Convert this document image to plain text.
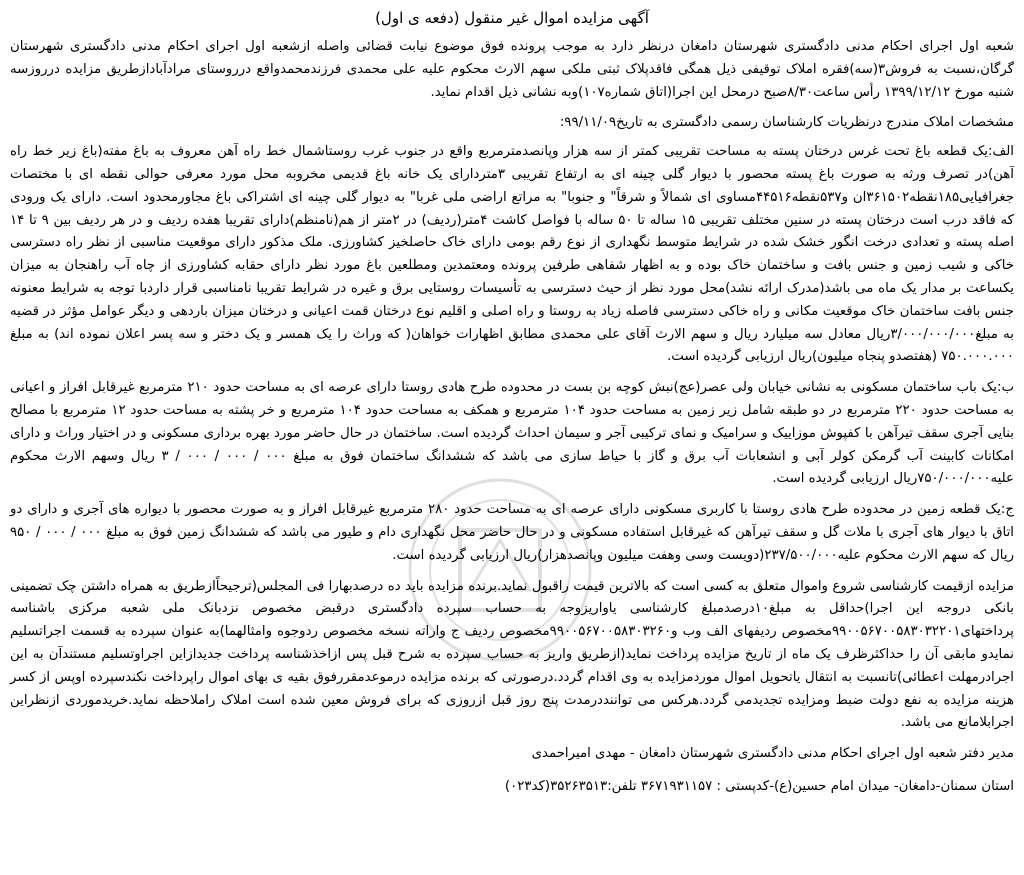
آگهی مزایده اموال غیر منقول (دفعه ی اول)

شعبه اول اجرای احکام مدنی دادگستری شهرستان دامغان درنظر دارد به موجب پرونده فوق موضوع نیابت قضائی واصله ازشعبه اول اجرای احکام مدنی دادگستری شهرستان گرگان،نسبت به فروش۳(سه)فقره املاک توقیفی ذیل همگی فاقدپلاک ثبتی ملکی سهم الارث محکوم علیه علی محمدی فرزندمحمدواقع درروستای مرادآبادازطریق مزایده درروزسه شنبه مورخ ۱۳۹۹/۱۲/۱۲ رأس ساعت۸/۳۰صبح درمحل این اجرا(اتاق شماره۱۰۷)وبه نشانی ذیل اقدام نماید.

مشخصات املاک مندرج درنظریات کارشناسان رسمی دادگستری به تاریخ۹۹/۱۱/۰۹:

الف:یک قطعه باغ تحت غرس درختان پسته به مساحت تقریبی کمتر از سه هزار وپانصدمترمربع واقع در جنوب غرب روستاشمال خط راه آهن معروف به باغ مفته(باغ زیر خط راه آهن)در تصرف ورثه به صورت باغ پسته محصور با دیوار گلی چینه ای به ارتفاع تقریبی ۳متردارای یک خانه باغ قدیمی مخروبه محل مورد معرفی حوالی نقطه ای با مختصات جغرافیایی۱۸۵نقطه۳۶۱۵۰۲ان و۵۳۷نقطه۴۴۵۱۶مساوی ای شمالاً و شرقاً" و جنوبا" به مراتع اراضی ملی غربا" به دیوار گلی چینه ای اشتراکی باغ مجاورمحدود است. دارای یک ورودی که فاقد درب است درختان پسته در سنین مختلف تقریبی ۱۵ ساله تا ۵۰ ساله با فواصل کاشت ۴متر(ردیف) در ۲متر از هم(نامنظم)دارای تقریبا هفده ردیف و در هر ردیف بین ۹ تا ۱۴ اصله پسته و تعدادی درخت انگور خشک شده در شرایط متوسط نگهداری از نوع رقم بومی دارای خاک حاصلخیز کشاورزی. ملک مذکور دارای موقعیت مناسبی از نظر راه دسترسی خاکی و شیب زمین و جنس بافت و ساختمان خاک بوده و به اظهار شفاهی طرفین پرونده ومعتمدین ومطلعین باغ مورد نظر دارای حقابه کشاورزی از چاه آب راهنجان به میزان یکساعت بر مدار یک ماه می باشد(مدرک ارائه نشد)محل مورد نظر از حیث دسترسی به تأسیسات روستایی برق و غیره در شرایط تقریبا نامناسبی قرار داردبا توجه به شرایط معنونه جنس بافت ساختمان خاک موقعیت مکانی و راه خاکی دسترسی فاصله زیاد به روستا و راه اصلی و اقلیم نوع درختان قمت اعیانی و درختان میزان باردهی و دیگر عوامل مؤثر در قضیه به مبلغ۳/۰۰۰/۰۰۰/۰۰۰ریال معادل سه میلیارد ریال و سهم الارث آقای علی محمدی مطابق اظهارات خواهان( که وراث را یک همسر و یک دختر و سه پسر اعلان نموده اند) به مبلغ ۷۵۰.۰۰۰.۰۰۰ (هفتصدو پنجاه میلیون)ریال ارزیابی گردیده است.

ب:یک باب ساختمان مسکونی به نشانی خیابان ولی عصر(عج)نبش کوچه بن بست در محدوده طرح هادی روستا دارای عرصه ای به مساحت حدود ۲۱۰ مترمربع غیرقابل افراز و اعیانی به مساحت حدود ۲۲۰ مترمربع در دو طبقه شامل زیر زمین به مساحت حدود ۱۰۴ مترمربع و همکف به مساحت حدود ۱۰۴ مترمربع و خر پشته به مساحت حدود ۱۲ مترمربع با مصالح بنایی آجری سقف تیرآهن با کفپوش موزاییک و سرامیک و نمای ترکیبی آجر و سیمان احداث گردیده است. ساختمان در حال حاضر مورد بهره برداری مسکونی و در اختیار وراث و دارای امکانات کابینت آب گرمکن کولر آبی و انشعابات آب برق و گاز با حیاط سازی می باشد که ششدانگ ساختمان فوق به مبلغ ۰۰۰ / ۰۰۰ / ۰۰۰ / ۳ ریال وسهم الارث محکوم علیه۷۵۰/۰۰۰/۰۰۰ریال ارزیابی گردیده است.

ج:یک قطعه زمین در محدوده طرح هادی روستا با کاربری مسکونی دارای عرصه ای به مساحت حدود ۲۸۰ مترمربع غیرقابل افراز و به صورت محصور با دیواره های آجری و دارای دو اتاق با دیوار های آجری با ملات گل و سقف تیرآهن که غیرقابل استفاده مسکونی و در حال حاضر محل نگهداری دام و طیور می باشد که ششدانگ زمین فوق به مبلغ ۰۰۰ / ۰۰۰ / ۹۵۰ ریال که سهم الارث محکوم علیه۲۳۷/۵۰۰/۰۰۰(دویست وسی وهفت میلیون وپانصدهزار)ریال ارزیابی گردیده است.

مزایده ازقیمت کارشناسی شروع واموال متعلق به کسی است که بالاترین قیمت راقبول نماید.برنده مزایده باید ده درصدبهارا فی المجلس(ترجیحاًازطریق به همراه داشتن چک تضمینی بانکی دروجه این اجرا)حداقل به مبلغ۱۰درصدمبلغ کارشناسی یاواریزوجه به حساب سپرده دادگستری درقبض مخصوص نزدبانک ملی شعبه مرکزی باشناسه پرداختهای۹۹۰۰۵۶۷۰۰۵۸۳۰۳۲۲۰۱مخصوص ردیفهای الف وب و۹۹۰۰۵۶۷۰۰۵۸۳۰۳۲۶۰مخصوص ردیف ج واراته نسخه مخصوص ردوجوه وامثالهما)به عنوان سپرده به قسمت اجراتسلیم نمایدو مابقی آن را حداکثرظرف یک ماه از تاریخ مزایده پرداخت نماید(ازطریق واریز به حساب سپرده به شرح قبل پس ازاخذشناسه پرداخت جدیدازاین اجراوتسلیم مستندآن به این اجرادرمهلت اعطائی)تانسبت به انتقال یاتحویل اموال موردمزایده به وی اقدام گردد.درصورتی که برنده مزایده درموعدمقررفوق بقیه ی بهای اموال راپرداخت نکندسپرده اوپس از کسر هزینه مزایده به نفع دولت ضبط ومزایده تجدیدمی گردد.هرکس می تواننددرمدت پنج روز قبل ازروزی که برای فروش معین شده است املاک راملاحظه نماید.خریدموردی ازنظراین اجرابلامانع می باشد.

مدیر دفتر شعبه اول اجرای احکام مدنی دادگستری شهرستان دامغان - مهدی امیراحمدی

استان سمنان-دامغان- میدان امام حسین(ع)-کدپستی : ۳۶۷۱۹۳۱۱۵۷ تلفن:۳۵۲۶۳۵۱۳(کد۰۲۳)
